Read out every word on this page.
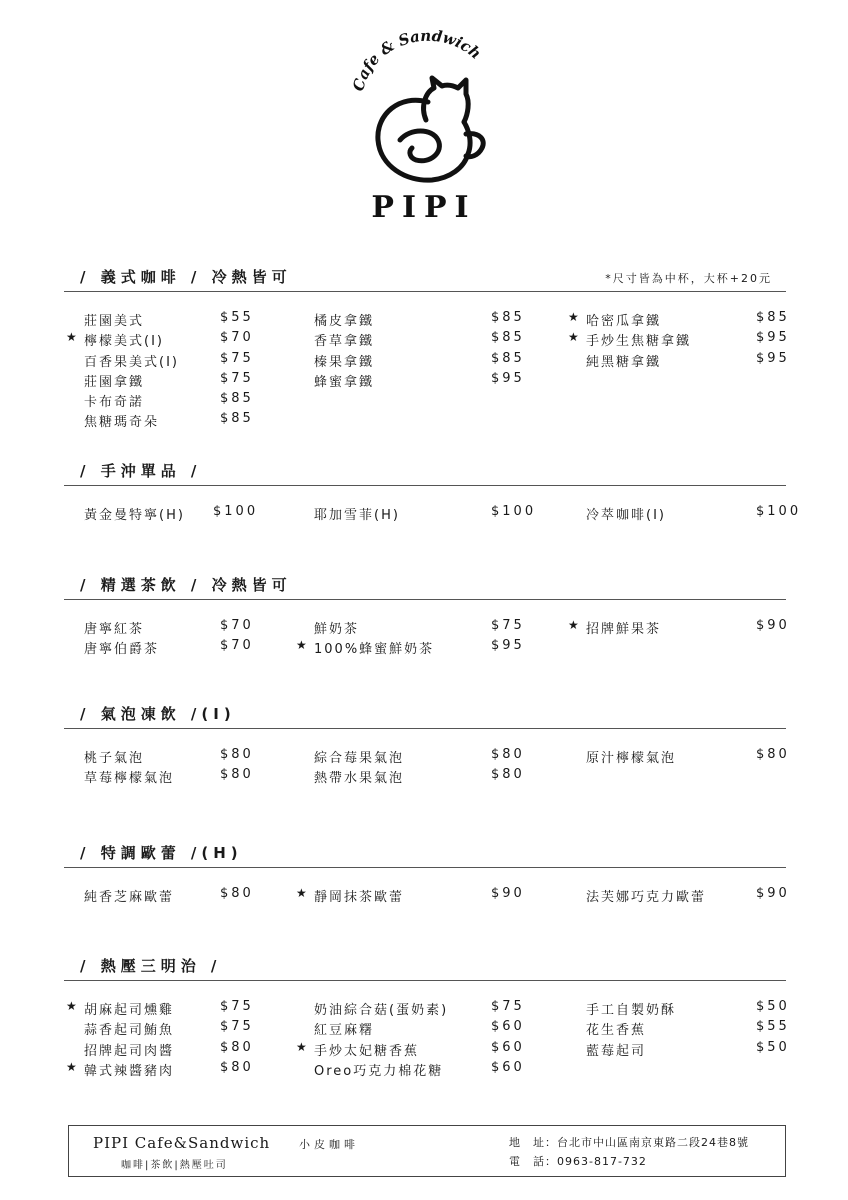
Cafe & Sandwich
PIPI
/ 義式咖啡 / 冷熱皆可	*尺寸皆為中杯，大杯+20元
莊園美式	$55
★ 檸檬美式(I)	$70
百香果美式(I)	$75
莊園拿鐵	$75
卡布奇諾	$85
焦糖瑪奇朵	$85
橘皮拿鐵	$85
香草拿鐵	$85
榛果拿鐵	$85
蜂蜜拿鐵	$95
★ 哈密瓜拿鐵	$85
★ 手炒生焦糖拿鐵	$95
純黑糖拿鐵	$95
/ 手沖單品 /
黃金曼特寧(H) $100	耶加雪菲(H)	$100	冷萃咖啡(I)	$100
/ 精選茶飲 / 冷熱皆可
唐寧紅茶	$70
唐寧伯爵茶	$70
鮮奶茶	$75
★ 100%蜂蜜鮮奶茶	$95
★ 招牌鮮果茶	$90
/ 氣泡凍飲 /(I)
桃子氣泡	$80
草莓檸檬氣泡	$80
綜合莓果氣泡	$80
熱帶水果氣泡	$80
原汁檸檬氣泡	$80
/ 特調歐蕾 /(H)
純香芝麻歐蕾	$80	★ 靜岡抹茶歐蕾	$90	法芙娜巧克力歐蕾	$90
/ 熱壓三明治 /
★ 胡麻起司燻雞	$75
蒜香起司鮪魚	$75
招牌起司肉醬	$80
★ 韓式辣醬豬肉	$80
奶油綜合菇(蛋奶素)	$75
紅豆麻糬	$60
★ 手炒太妃糖香蕉	$60
Oreo巧克力棉花糖	$60
手工自製奶酥	$50
花生香蕉	$55
藍莓起司	$50
PIPI Cafe&Sandwich	小皮咖啡
咖啡|茶飲|熱壓吐司
地　址：台北市中山區南京東路二段24巷8號
電　話：0963-817-732
